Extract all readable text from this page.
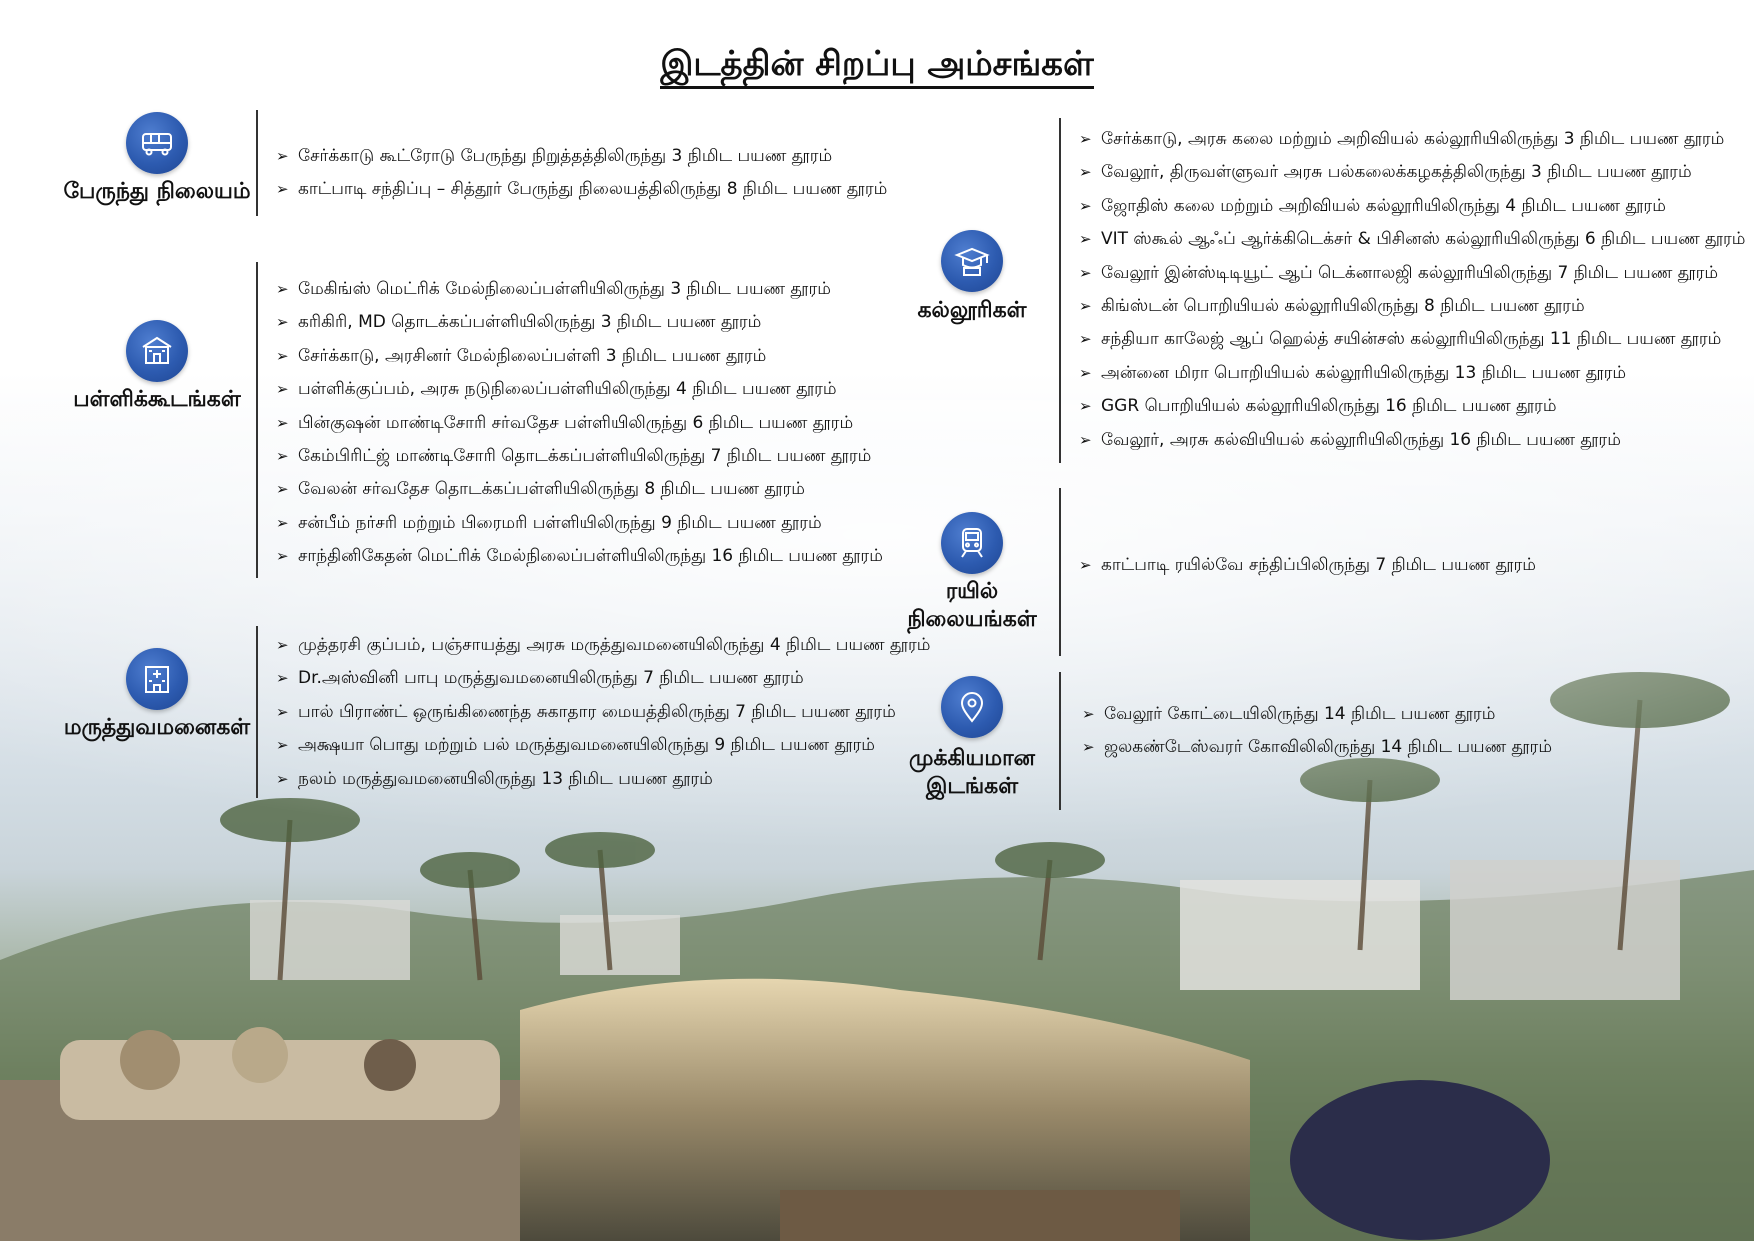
இடத்தின் சிறப்பு அம்சங்கள்
பேருந்து நிலையம்
➢ சேர்க்காடு கூட்ரோடு பேருந்து நிறுத்தத்திலிருந்து 3 நிமிட பயண தூரம்
➢ காட்பாடி சந்திப்பு – சித்தூர் பேருந்து நிலையத்திலிருந்து 8 நிமிட பயண தூரம்
பள்ளிக்கூடங்கள்
➢ மேகிங்ஸ் மெட்ரிக் மேல்நிலைப்பள்ளியிலிருந்து 3 நிமிட பயண தூரம்
➢ கரிகிரி, MD தொடக்கப்பள்ளியிலிருந்து 3 நிமிட பயண தூரம்
➢ சேர்க்காடு, அரசினர் மேல்நிலைப்பள்ளி 3 நிமிட பயண தூரம்
➢ பள்ளிக்குப்பம், அரசு நடுநிலைப்பள்ளியிலிருந்து 4 நிமிட பயண தூரம்
➢ பின்குஷன் மாண்டிசோரி சர்வதேச பள்ளியிலிருந்து 6 நிமிட பயண தூரம்
➢ கேம்பிரிட்ஜ் மாண்டிசோரி தொடக்கப்பள்ளியிலிருந்து 7 நிமிட பயண தூரம்
➢ வேலன் சர்வதேச தொடக்கப்பள்ளியிலிருந்து 8 நிமிட பயண தூரம்
➢ சன்பீம் நர்சரி மற்றும் பிரைமரி பள்ளியிலிருந்து 9 நிமிட பயண தூரம்
➢ சாந்தினிகேதன் மெட்ரிக் மேல்நிலைப்பள்ளியிலிருந்து 16 நிமிட பயண தூரம்
மருத்துவமனைகள்
➢ முத்தரசி குப்பம், பஞ்சாயத்து அரசு மருத்துவமனையிலிருந்து 4 நிமிட பயண தூரம்
➢ Dr.அஸ்வினி பாபு மருத்துவமனையிலிருந்து 7 நிமிட பயண தூரம்
➢ பால் பிராண்ட் ஒருங்கிணைந்த சுகாதார மையத்திலிருந்து 7 நிமிட பயண தூரம்
➢ அக்ஷயா பொது மற்றும் பல் மருத்துவமனையிலிருந்து 9 நிமிட பயண தூரம்
➢ நலம் மருத்துவமனையிலிருந்து 13 நிமிட பயண தூரம்
கல்லூரிகள்
➢ சேர்க்காடு, அரசு கலை மற்றும் அறிவியல் கல்லூரியிலிருந்து 3 நிமிட பயண தூரம்
➢ வேலூர், திருவள்ளுவர் அரசு பல்கலைக்கழகத்திலிருந்து 3 நிமிட பயண தூரம்
➢ ஜோதிஸ் கலை மற்றும் அறிவியல் கல்லூரியிலிருந்து 4 நிமிட பயண தூரம்
➢ VIT ஸ்கூல் ஆஃப் ஆர்க்கிடெக்சர் & பிசினஸ் கல்லூரியிலிருந்து 6 நிமிட பயண தூரம்
➢ வேலூர் இன்ஸ்டிடியூட் ஆப் டெக்னாலஜி கல்லூரியிலிருந்து 7 நிமிட பயண தூரம்
➢ கிங்ஸ்டன் பொறியியல் கல்லூரியிலிருந்து 8 நிமிட பயண தூரம்
➢ சந்தியா காலேஜ் ஆப் ஹெல்த் சயின்சஸ் கல்லூரியிலிருந்து 11 நிமிட பயண தூரம்
➢ அன்னை மிரா பொறியியல் கல்லூரியிலிருந்து 13 நிமிட பயண தூரம்
➢ GGR பொறியியல் கல்லூரியிலிருந்து 16 நிமிட பயண தூரம்
➢ வேலூர், அரசு கல்வியியல் கல்லூரியிலிருந்து 16 நிமிட பயண தூரம்
ரயில்
நிலையங்கள்
➢ காட்பாடி ரயில்வே சந்திப்பிலிருந்து 7 நிமிட பயண தூரம்
முக்கியமான
இடங்கள்
➢ வேலூர் கோட்டையிலிருந்து 14 நிமிட பயண தூரம்
➢ ஜலகண்டேஸ்வரர் கோவிலிலிருந்து 14 நிமிட பயண தூரம்
